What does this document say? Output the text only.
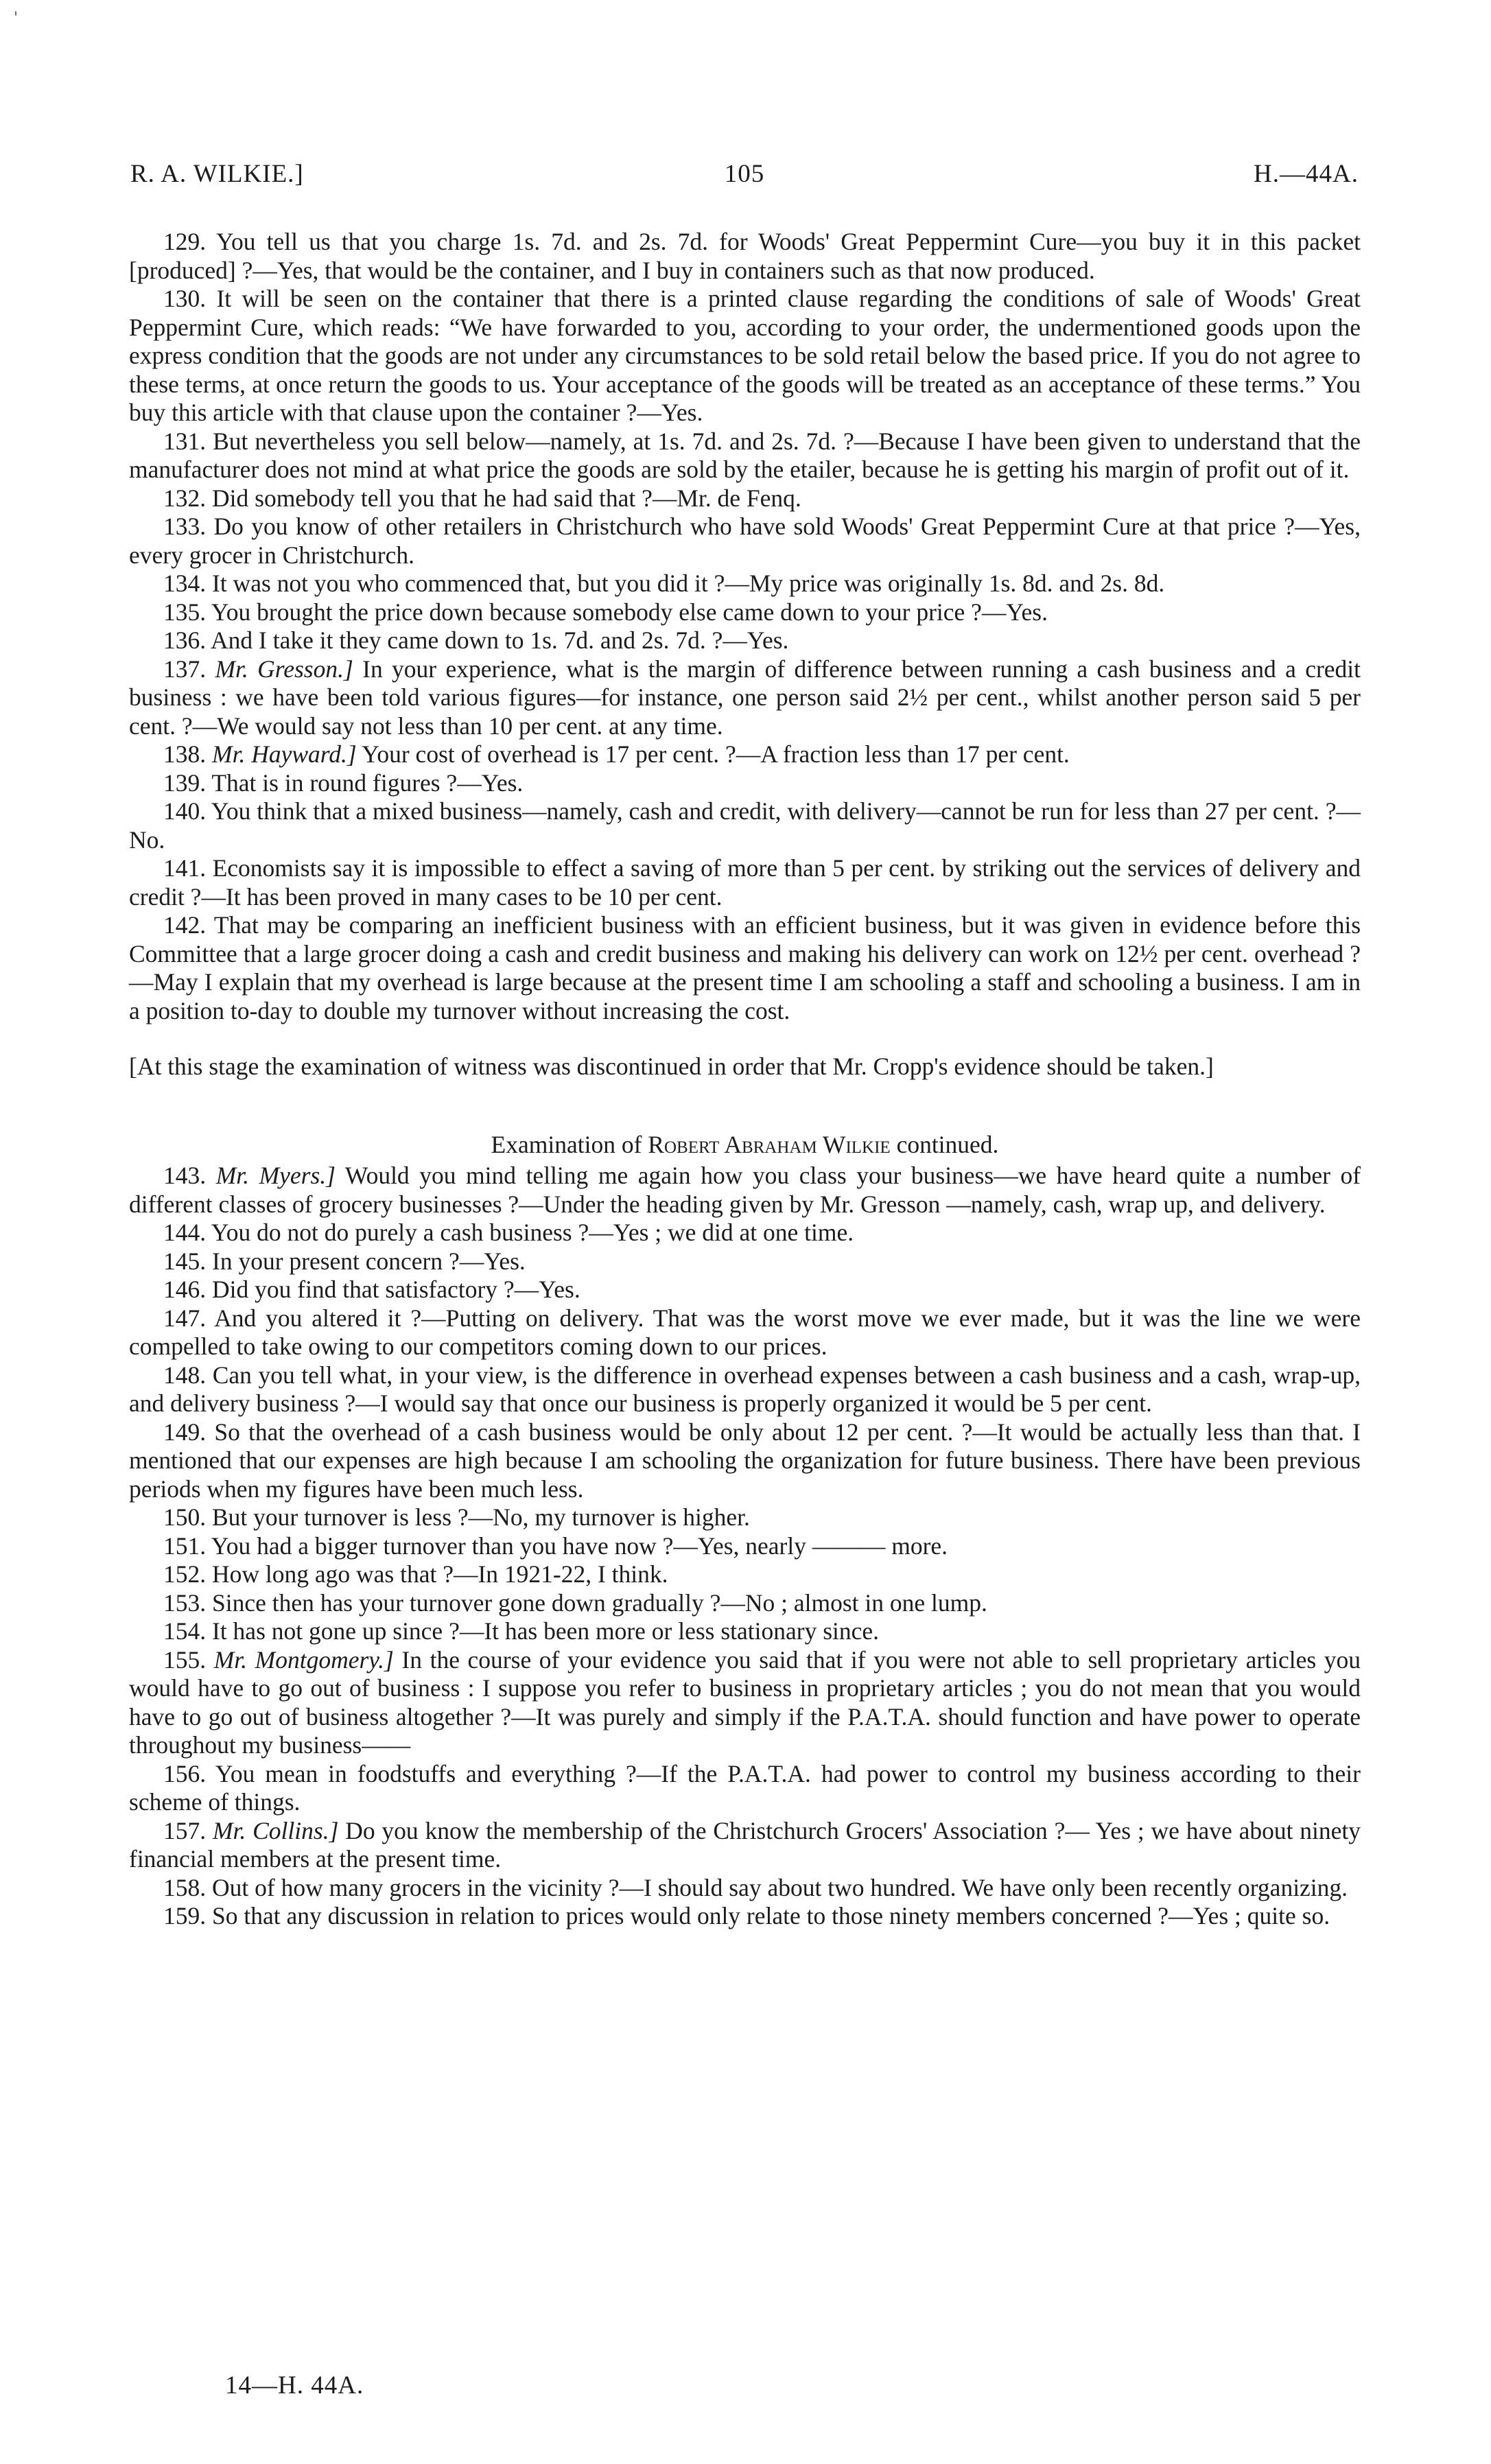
'
R. A. WILKIE.]	105	H.—44A.

129. You tell us that you charge 1s. 7d. and 2s. 7d. for Woods' Great Peppermint Cure—you buy it in this packet [produced] ?—Yes, that would be the container, and I buy in containers such as that now produced.

130. It will be seen on the container that there is a printed clause regarding the conditions of sale of Woods' Great Peppermint Cure, which reads: “We have forwarded to you, according to your order, the undermentioned goods upon the express condition that the goods are not under any circumstances to be sold retail below the based price. If you do not agree to these terms, at once return the goods to us. Your acceptance of the goods will be treated as an acceptance of these terms.” You buy this article with that clause upon the container ?—Yes.

131. But nevertheless you sell below—namely, at 1s. 7d. and 2s. 7d. ?—Because I have been given to understand that the manufacturer does not mind at what price the goods are sold by the etailer, because he is getting his margin of profit out of it.

132. Did somebody tell you that he had said that ?—Mr. de Fenq.

133. Do you know of other retailers in Christchurch who have sold Woods' Great Peppermint Cure at that price ?—Yes, every grocer in Christchurch.

134. It was not you who commenced that, but you did it ?—My price was originally 1s. 8d. and 2s. 8d.

135. You brought the price down because somebody else came down to your price ?—Yes.

136. And I take it they came down to 1s. 7d. and 2s. 7d. ?—Yes.

137. Mr. Gresson.] In your experience, what is the margin of difference between running a cash business and a credit business : we have been told various figures—for instance, one person said 2½ per cent., whilst another person said 5 per cent. ?—We would say not less than 10 per cent. at any time.

138. Mr. Hayward.] Your cost of overhead is 17 per cent. ?—A fraction less than 17 per cent.

139. That is in round figures ?—Yes.

140. You think that a mixed business—namely, cash and credit, with delivery—cannot be run for less than 27 per cent. ?—No.

141. Economists say it is impossible to effect a saving of more than 5 per cent. by striking out the services of delivery and credit ?—It has been proved in many cases to be 10 per cent.

142. That may be comparing an inefficient business with an efficient business, but it was given in evidence before this Committee that a large grocer doing a cash and credit business and making his delivery can work on 12½ per cent. overhead ?—May I explain that my overhead is large because at the present time I am schooling a staff and schooling a business. I am in a position to-day to double my turnover without increasing the cost.

[At this stage the examination of witness was discontinued in order that Mr. Cropp's evidence should be taken.]

Examination of Robert Abraham Wilkie continued.

143. Mr. Myers.] Would you mind telling me again how you class your business—we have heard quite a number of different classes of grocery businesses ?—Under the heading given by Mr. Gresson —namely, cash, wrap up, and delivery.

144. You do not do purely a cash business ?—Yes ; we did at one time.

145. In your present concern ?—Yes.

146. Did you find that satisfactory ?—Yes.

147. And you altered it ?—Putting on delivery. That was the worst move we ever made, but it was the line we were compelled to take owing to our competitors coming down to our prices.

148. Can you tell what, in your view, is the difference in overhead expenses between a cash business and a cash, wrap-up, and delivery business ?—I would say that once our business is properly organized it would be 5 per cent.

149. So that the overhead of a cash business would be only about 12 per cent. ?—It would be actually less than that. I mentioned that our expenses are high because I am schooling the organization for future business. There have been previous periods when my figures have been much less.

150. But your turnover is less ?—No, my turnover is higher.

151. You had a bigger turnover than you have now ?—Yes, nearly ——— more.

152. How long ago was that ?—In 1921-22, I think.

153. Since then has your turnover gone down gradually ?—No ; almost in one lump.

154. It has not gone up since ?—It has been more or less stationary since.

155. Mr. Montgomery.] In the course of your evidence you said that if you were not able to sell proprietary articles you would have to go out of business : I suppose you refer to business in proprietary articles ; you do not mean that you would have to go out of business altogether ?—It was purely and simply if the P.A.T.A. should function and have power to operate throughout my business——

156. You mean in foodstuffs and everything ?—If the P.A.T.A. had power to control my business according to their scheme of things.

157. Mr. Collins.] Do you know the membership of the Christchurch Grocers' Association ?— Yes ; we have about ninety financial members at the present time.

158. Out of how many grocers in the vicinity ?—I should say about two hundred. We have only been recently organizing.

159. So that any discussion in relation to prices would only relate to those ninety members concerned ?—Yes ; quite so.

14—H. 44A.
